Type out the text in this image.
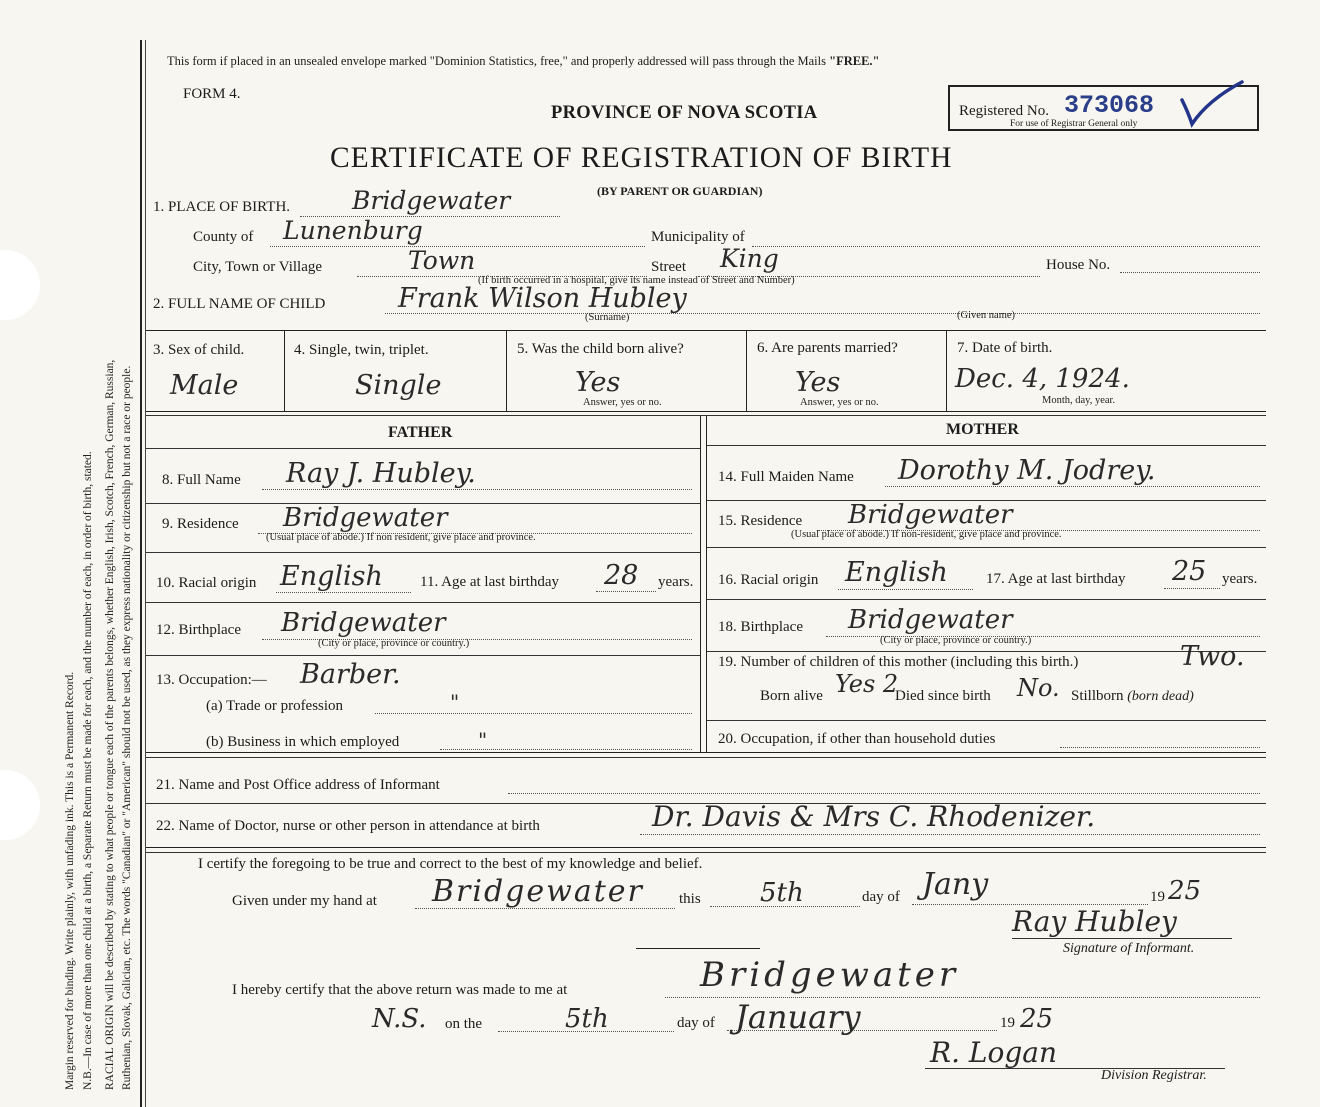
Margin reserved for binding. Write plainly, with unfading ink. This is a Permanent Record. N.B.—In case of more than one child at a birth, a Separate Return must be made for each, and the number of each, in order of birth, stated. RACIAL ORIGIN will be described by stating to what people or tongue each of the parents belongs, whether English, Irish, Scotch, French, German, Russian, Ruthenian, Slovak, Galician, etc. The words "Canadian" or "American" should not be used, as they express nationality or citizenship but not a race or people.
This form if placed in an unsealed envelope marked "Dominion Statistics, free," and properly addressed will pass through the Mails "FREE."
FORM 4.
PROVINCE OF NOVA SCOTIA	Registered No. 373068
For use of Registrar General only
CERTIFICATE OF REGISTRATION OF BIRTH
(BY PARENT OR GUARDIAN)
1. PLACE OF BIRTH. Bridgewater
County of Lunenburg	Municipality of
City, Town or Village	Town	Street King	House No.
(If birth occurred in a hospital, give its name instead of Street and Number)
2. FULL NAME OF CHILD	Frank Wilson Hubley
(Surname)	(Given name)
3. Sex of child.
Male
4. Single, twin, triplet.
Single
5. Was the child born alive?
Yes
Answer, yes or no.
6. Are parents married?
Yes
Answer, yes or no.
7. Date of birth.
Dec. 4, 1924.
Month, day, year.
FATHER
8. Full Name Ray J. Hubley.
9. Residence Bridgewater
(Usual place of abode.) If non resident, give place and province.
10. Racial origin English 11. Age at last birthday 28 years.
12. Birthplace Bridgewater
(City or place, province or country.)
13. Occupation:— Barber.
(a) Trade or profession	"
(b) Business in which employed	"
MOTHER
14. Full Maiden Name Dorothy M. Jodrey.
15. Residence Bridgewater
(Usual place of abode.) If non-resident, give place and province.
16. Racial origin English	17. Age at last birthday 25 years.
18. Birthplace Bridgewater
(City or place, province or country.)
19. Number of children of this mother (including this birth.)	Two.
Born alive Yes 2
Died since birth No. Stillborn (born dead)
20. Occupation, if other than household duties
21. Name and Post Office address of Informant
22. Name of Doctor, nurse or other person in attendance at birth	Dr. Davis & Mrs C. Rhodenizer.
I certify the foregoing to be true and correct to the best of my knowledge and belief.
Given under my hand at Bridgewater this 5th	day of Jany	19 25
Ray Hubley
Signature of Informant.
I hereby certify that the above return was made to me at	Bridgewater
N.S. on the	5th	day of January	19 25
R. Logan
Division Registrar.
